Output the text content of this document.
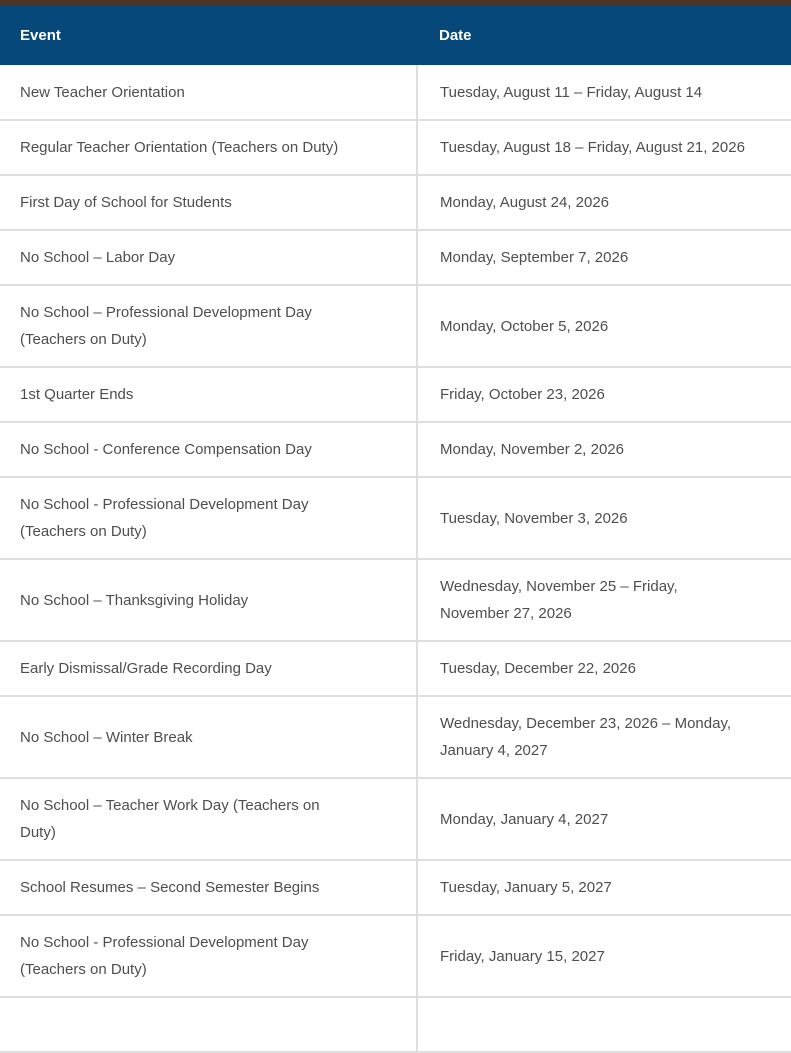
Event	Date

New Teacher Orientation	Tuesday, August 11 – Friday, August 14

Regular Teacher Orientation (Teachers on Duty)	Tuesday, August 18 – Friday, August 21, 2026

First Day of School for Students	Monday, August 24, 2026

No School – Labor Day	Monday, September 7, 2026

No School – Professional Development Day
(Teachers on Duty)	Monday, October 5, 2026

1st Quarter Ends	Friday, October 23, 2026

No School - Conference Compensation Day	Monday, November 2, 2026

No School - Professional Development Day
(Teachers on Duty)	Tuesday, November 3, 2026

No School – Thanksgiving Holiday	Wednesday, November 25 – Friday,
November 27, 2026

Early Dismissal/Grade Recording Day	Tuesday, December 22, 2026

No School – Winter Break	Wednesday, December 23, 2026 – Monday,
January 4, 2027

No School – Teacher Work Day (Teachers on
Duty)	Monday, January 4, 2027

School Resumes – Second Semester Begins	Tuesday, January 5, 2027

No School - Professional Development Day
(Teachers on Duty)	Friday, January 15, 2027
